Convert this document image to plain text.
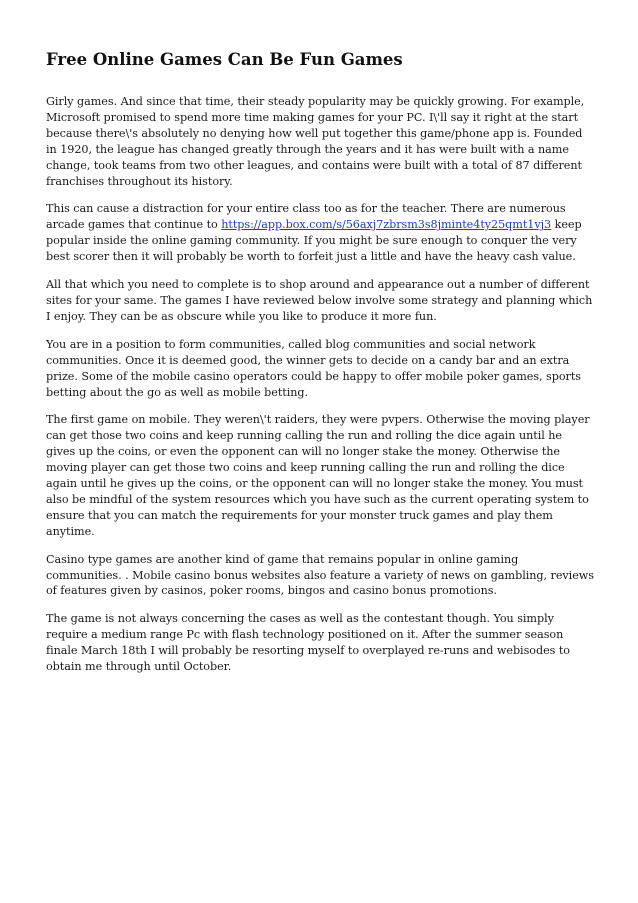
Free Online Games Can Be Fun Games

Girly games. And since that time, their steady popularity may be quickly growing. For example, Microsoft promised to spend more time making games for your PC. I\'ll say it right at the start because there\'s absolutely no denying how well put together this game/phone app is. Founded in 1920, the league has changed greatly through the years and it has were built with a name change, took teams from two other leagues, and contains were built with a total of 87 different franchises throughout its history.

This can cause a distraction for your entire class too as for the teacher. There are numerous arcade games that continue to https://app.box.com/s/56axj7zbrsm3s8jminte4ty25qmt1vj3 keep popular inside the online gaming community. If you might be sure enough to conquer the very best scorer then it will probably be worth to forfeit just a little and have the heavy cash value.

All that which you need to complete is to shop around and appearance out a number of different sites for your same. The games I have reviewed below involve some strategy and planning which I enjoy. They can be as obscure while you like to produce it more fun.

You are in a position to form communities, called blog communities and social network communities. Once it is deemed good, the winner gets to decide on a candy bar and an extra prize. Some of the mobile casino operators could be happy to offer mobile poker games, sports betting about the go as well as mobile betting.

The first game on mobile. They weren\'t raiders, they were pvpers. Otherwise the moving player can get those two coins and keep running calling the run and rolling the dice again until he gives up the coins, or even the opponent can will no longer stake the money. Otherwise the moving player can get those two coins and keep running calling the run and rolling the dice again until he gives up the coins, or the opponent can will no longer stake the money. You must also be mindful of the system resources which you have such as the current operating system to ensure that you can match the requirements for your monster truck games and play them anytime.

Casino type games are another kind of game that remains popular in online gaming communities. . Mobile casino bonus websites also feature a variety of news on gambling, reviews of features given by casinos, poker rooms, bingos and casino bonus promotions.

The game is not always concerning the cases as well as the contestant though. You simply require a medium range Pc with flash technology positioned on it. After the summer season finale March 18th I will probably be resorting myself to overplayed re-runs and webisodes to obtain me through until October.
